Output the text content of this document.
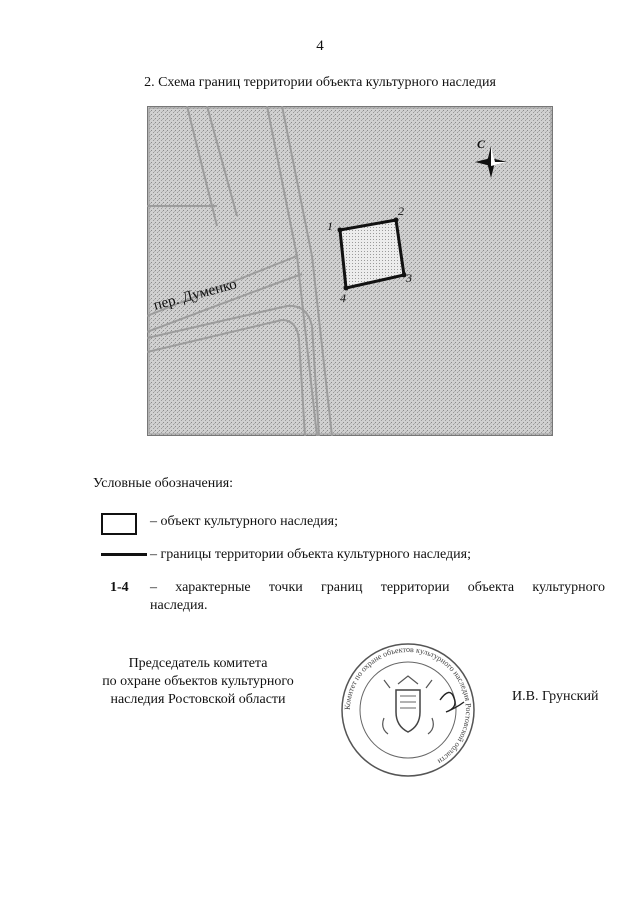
4
2. Схема границ территории объекта культурного наследия
пер. Думенко
1
2
3
4
С
Условные обозначения:
– объект культурного наследия;
– границы территории объекта культурного наследия;
1-4 – характерные точки границ территории объекта культурного
наследия.
Председатель комитета
по охране объектов культурного
наследия Ростовской области
Комитет по охране объектов культурного наследия Ростовской области
И.В. Грунский
